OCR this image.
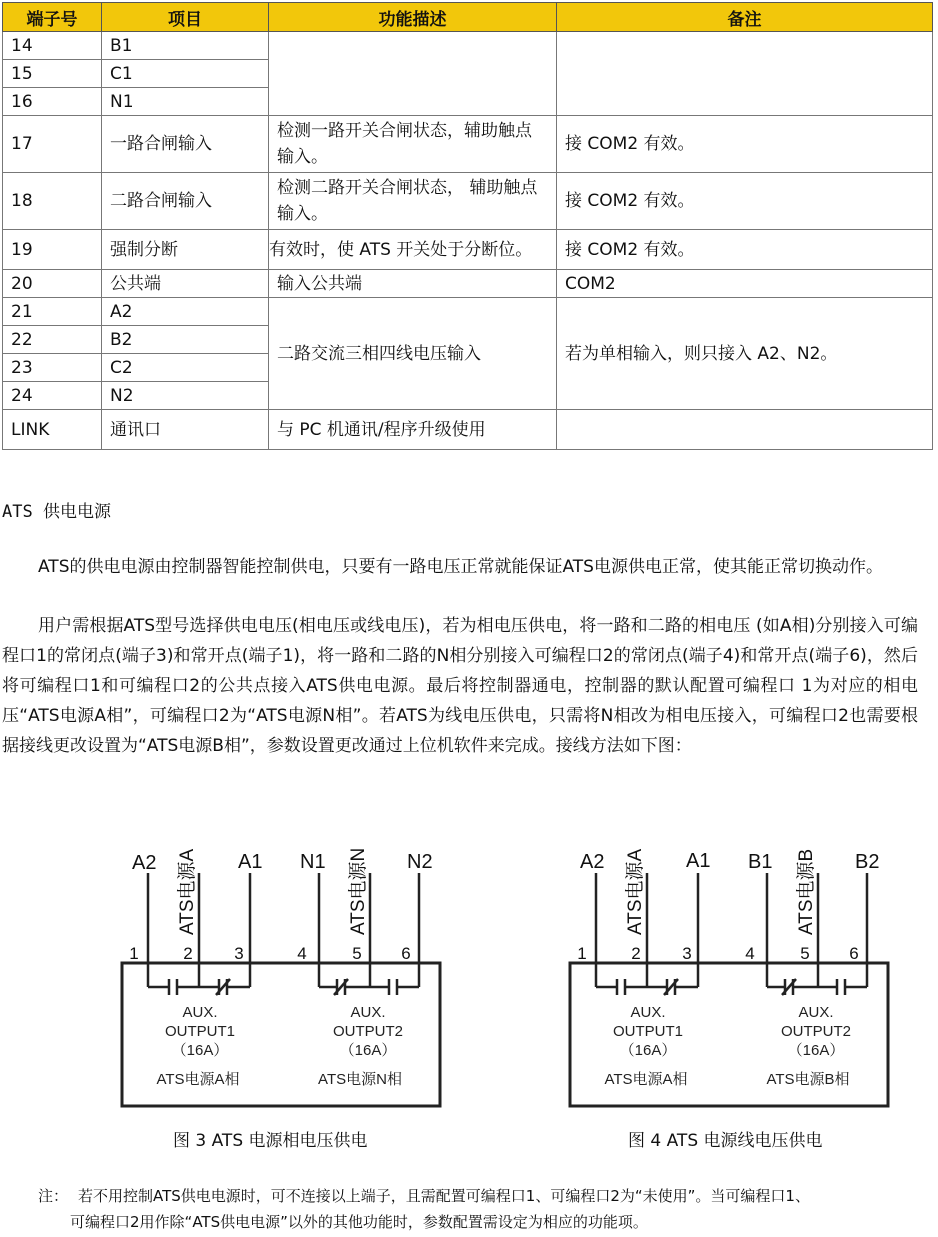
端子号	项目	功能描述	备注
14	B1		
15	C1		
16	N1		
17	一路合闸输入	检测一路开关合闸状态，辅助触点输入。	接 COM2 有效。
18	二路合闸输入	检测二路开关合闸状态， 辅助触点输入。	接 COM2 有效。
19	强制分断	有效时，使 ATS 开关处于分断位。	接 COM2 有效。
20	公共端	输入公共端	COM2
21	A2	二路交流三相四线电压输入	若为单相输入，则只接入 A2、N2。
22	B2		
23	C2		
24	N2		
LINK	通讯口	与 PC 机通讯/程序升级使用	
ATS 供电电源

ATS的供电电源由控制器智能控制供电，只要有一路电压正常就能保证ATS电源供电正常，使其能正常切换动作。

用户需根据ATS型号选择供电电压(相电压或线电压)，若为相电压供电，将一路和二路的相电压 (如A相)分别接入可编程口1的常闭点(端子3)和常开点(端子1)，将一路和二路的N相分别接入可编程口2的常闭点(端子4)和常开点(端子6)，然后将可编程口1和可编程口2的公共点接入ATS供电电源。最后将控制器通电，控制器的默认配置可编程口 1为对应的相电压“ATS电源A相”，可编程口2为“ATS电源N相”。若ATS为线电压供电，只需将N相改为相电压接入，可编程口2也需要根据接线更改设置为“ATS电源B相”，参数设置更改通过上位机软件来完成。接线方法如下图：

A2	A1 N1	N2
ATS电源A	ATS电源N
1	2 3	4	5 6
AUX.
OUTPUT1
（16A）
ATS电源A相
AUX.
OUTPUT2
（16A）
ATS电源N相
A2	A1 B1	B2
ATS电源A	ATS电源B
1	2 3	4	5 6
AUX.
OUTPUT1
（16A）
ATS电源A相
AUX.
OUTPUT2
（16A）
ATS电源B相
图 3 ATS 电源相电压供电	图 4 ATS 电源线电压供电
注： 若不用控制ATS供电电源时，可不连接以上端子，且需配置可编程口1、可编程口2为“未使用”。当可编程口1、
可编程口2用作除“ATS供电电源”以外的其他功能时，参数配置需设定为相应的功能项。
